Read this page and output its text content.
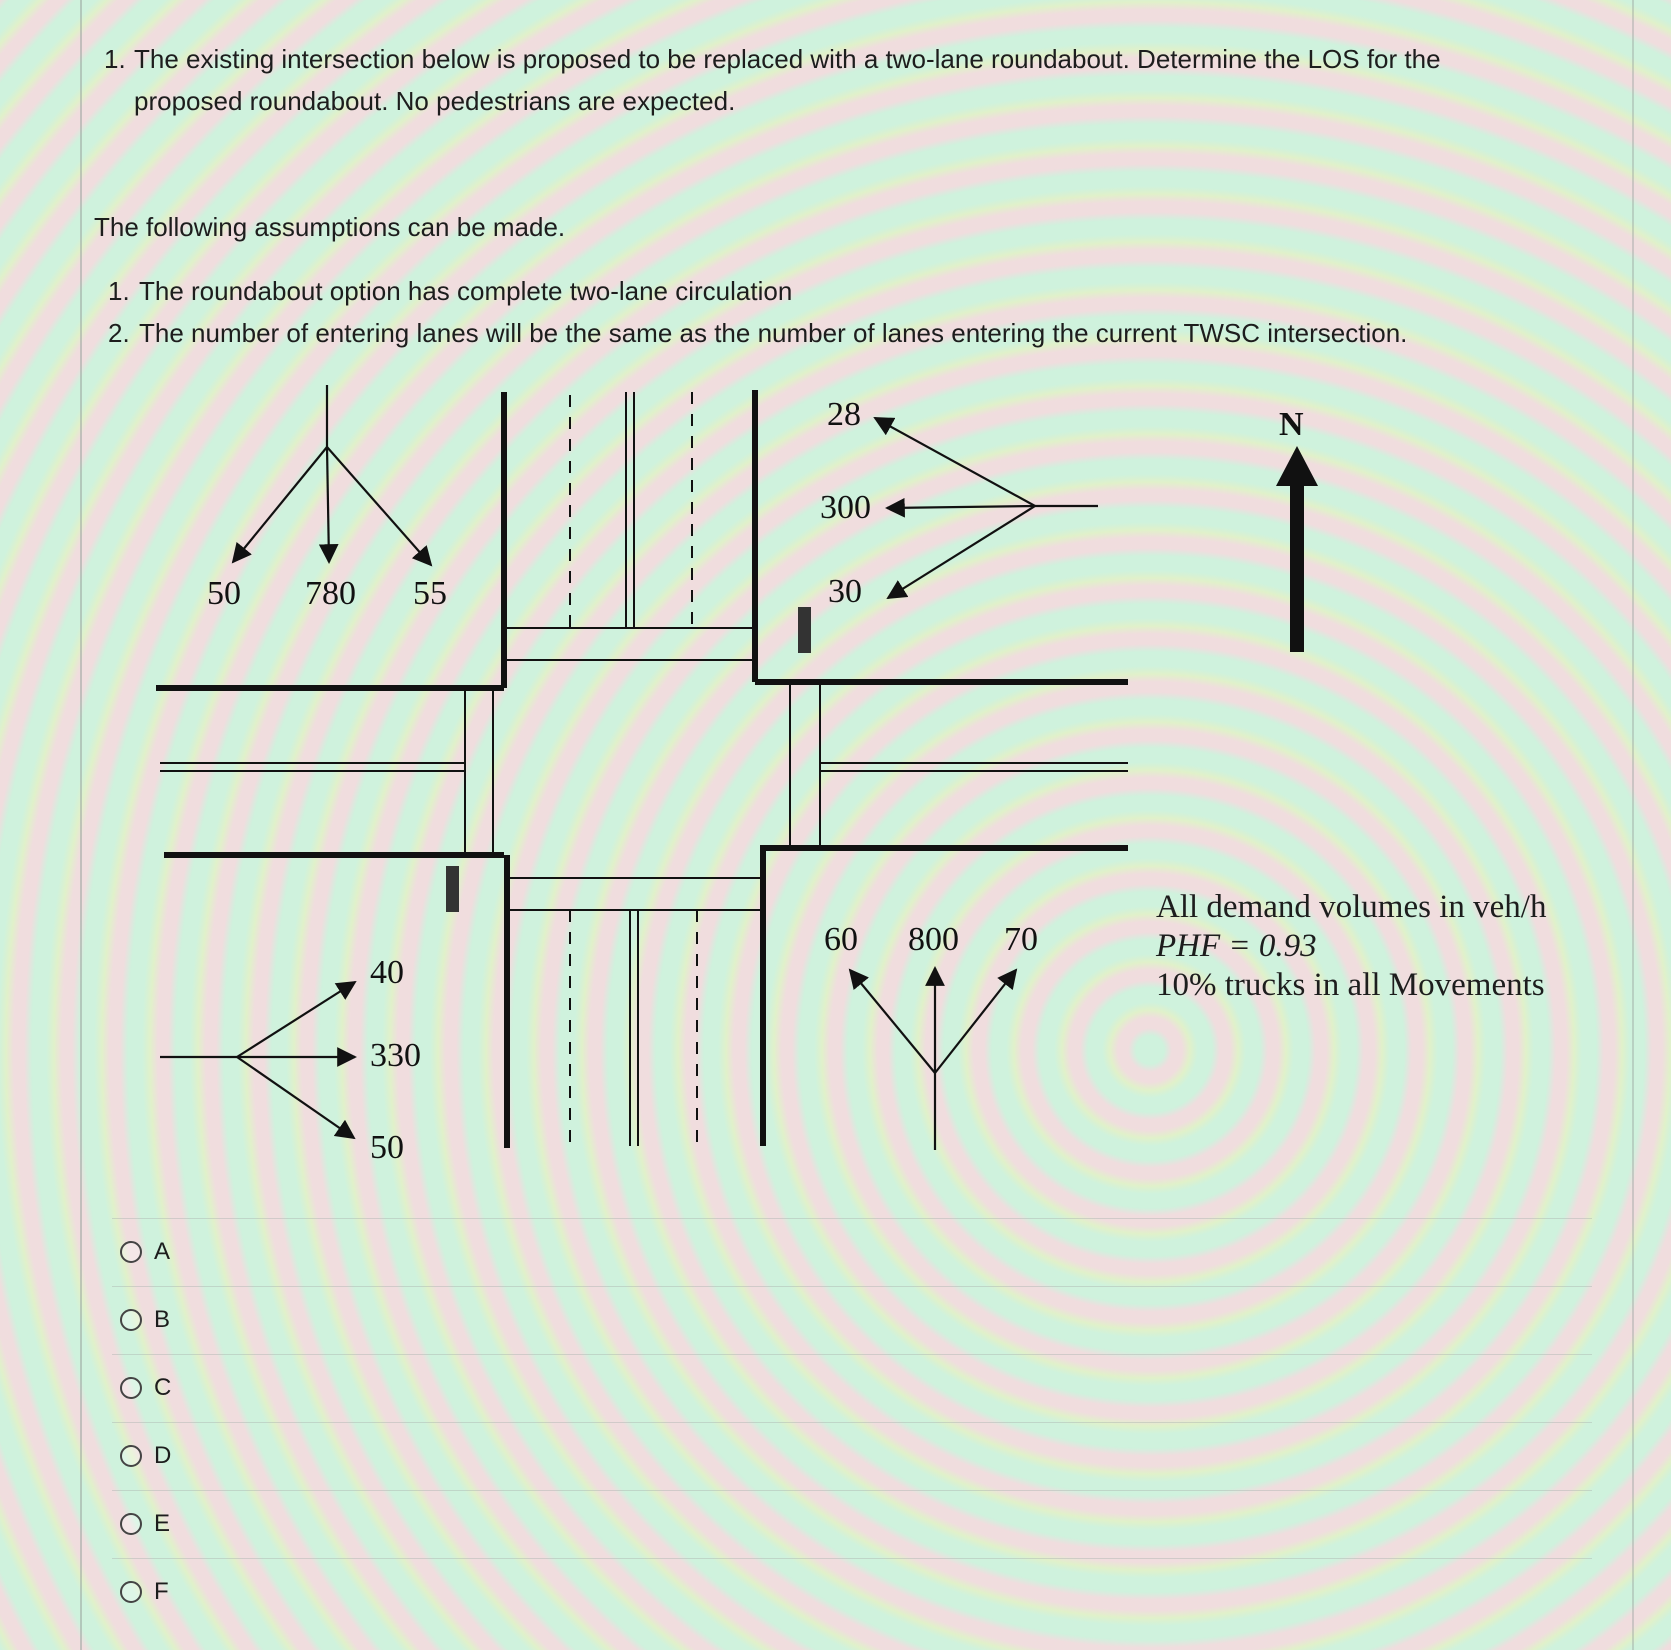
1. The existing intersection below is proposed to be replaced with a two-lane roundabout. Determine the LOS for the
proposed roundabout. No pedestrians are expected.
The following assumptions can be made.
1. The roundabout option has complete two-lane circulation
2. The number of entering lanes will be the same as the number of lanes entering the current TWSC intersection.
50 780 55
28
300
30
40
330
50
60 800 70
N
All demand volumes in veh/h
PHF = 0.93
10% trucks in all Movements
A
B
C
D
E
F
